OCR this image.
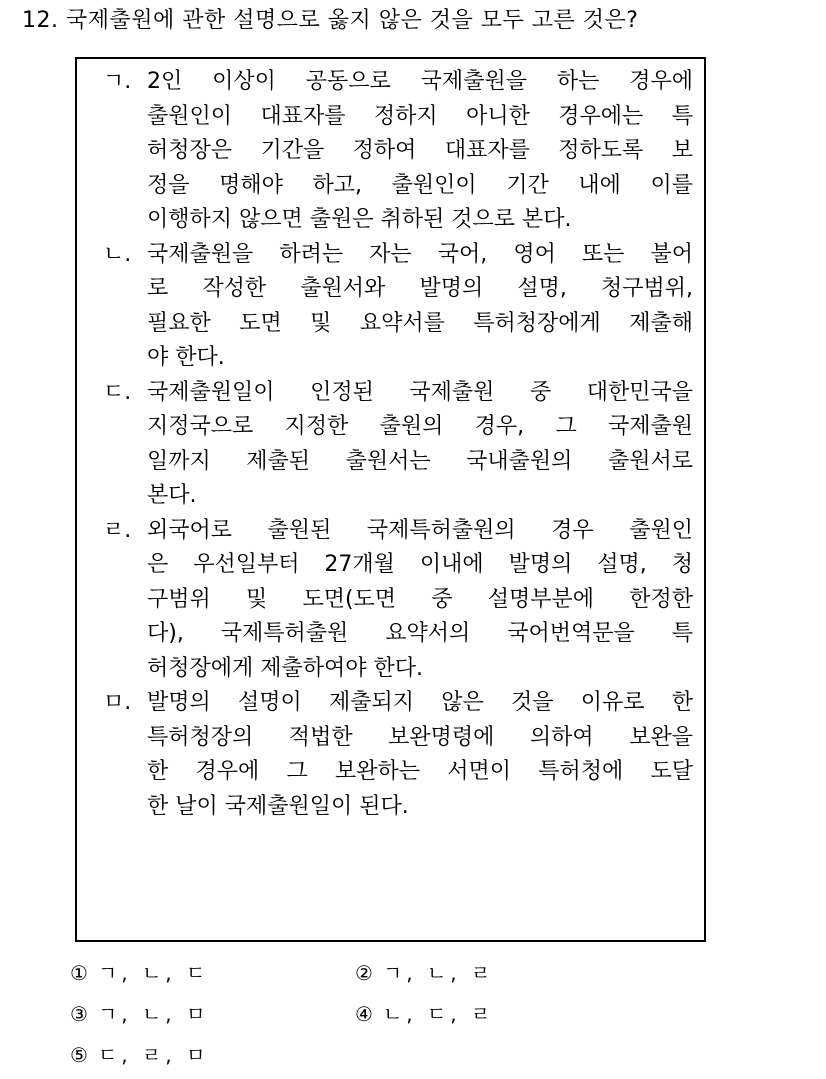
12. 국제출원에 관한 설명으로 옳지 않은 것을 모두 고른 것은?
ㄱ. 2인 이상이 공동으로 국제출원을 하는 경우에
출원인이 대표자를 정하지 아니한 경우에는 특
허청장은 기간을 정하여 대표자를 정하도록 보
정을 명해야 하고, 출원인이 기간 내에 이를
이행하지 않으면 출원은 취하된 것으로 본다.
ㄴ. 국제출원을 하려는 자는 국어, 영어 또는 불어
로 작성한 출원서와 발명의 설명, 청구범위,
필요한 도면 및 요약서를 특허청장에게 제출해
야 한다.
ㄷ. 국제출원일이 인정된 국제출원 중 대한민국을
지정국으로 지정한 출원의 경우, 그 국제출원
일까지 제출된 출원서는 국내출원의 출원서로
본다.
ㄹ. 외국어로 출원된 국제특허출원의 경우 출원인
은 우선일부터 27개월 이내에 발명의 설명, 청
구범위 및 도면(도면 중 설명부분에 한정한
다), 국제특허출원 요약서의 국어번역문을 특
허청장에게 제출하여야 한다.
ㅁ. 발명의 설명이 제출되지 않은 것을 이유로 한
특허청장의 적법한 보완명령에 의하여 보완을
한 경우에 그 보완하는 서면이 특허청에 도달
한 날이 국제출원일이 된다.
① ㄱ, ㄴ, ㄷ	② ㄱ, ㄴ, ㄹ
③ ㄱ, ㄴ, ㅁ	④ ㄴ, ㄷ, ㄹ
⑤ ㄷ, ㄹ, ㅁ
